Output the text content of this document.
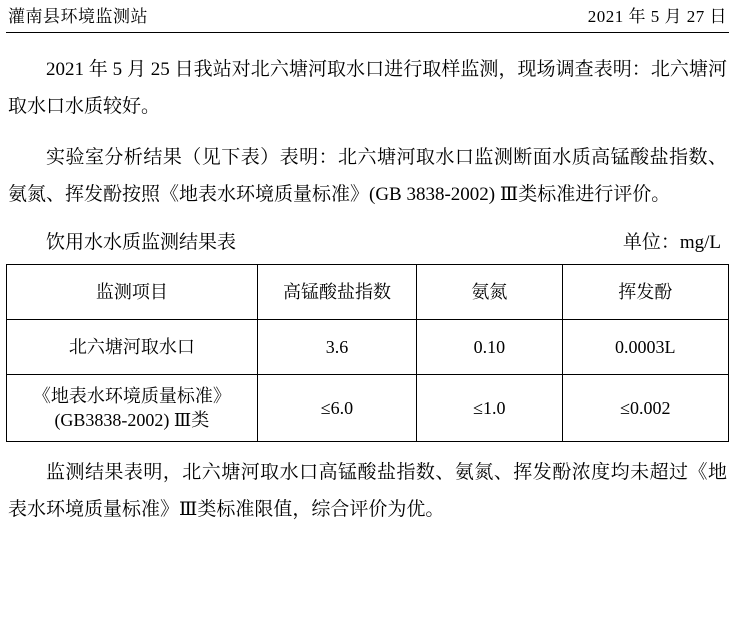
灌南县环境监测站	2021 年 5 月 27 日

2021 年 5 月 25 日我站对北六塘河取水口进行取样监测，现场调查表明：北六塘河取水口水质较好。

实验室分析结果（见下表）表明：北六塘河取水口监测断面水质高锰酸盐指数、氨氮、挥发酚按照《地表水环境质量标准》(GB 3838-2002) Ⅲ类标准进行评价。

饮用水水质监测结果表	单位：mg/L
监测项目	高锰酸盐指数	氨氮	挥发酚
北六塘河取水口	3.6	0.10	0.0003L
《地表水环境质量标准》
(GB3838-2002) Ⅲ类	≤6.0	≤1.0	≤0.002

监测结果表明，北六塘河取水口高锰酸盐指数、氨氮、挥发酚浓度均未超过《地表水环境质量标准》Ⅲ类标准限值，综合评价为优。
